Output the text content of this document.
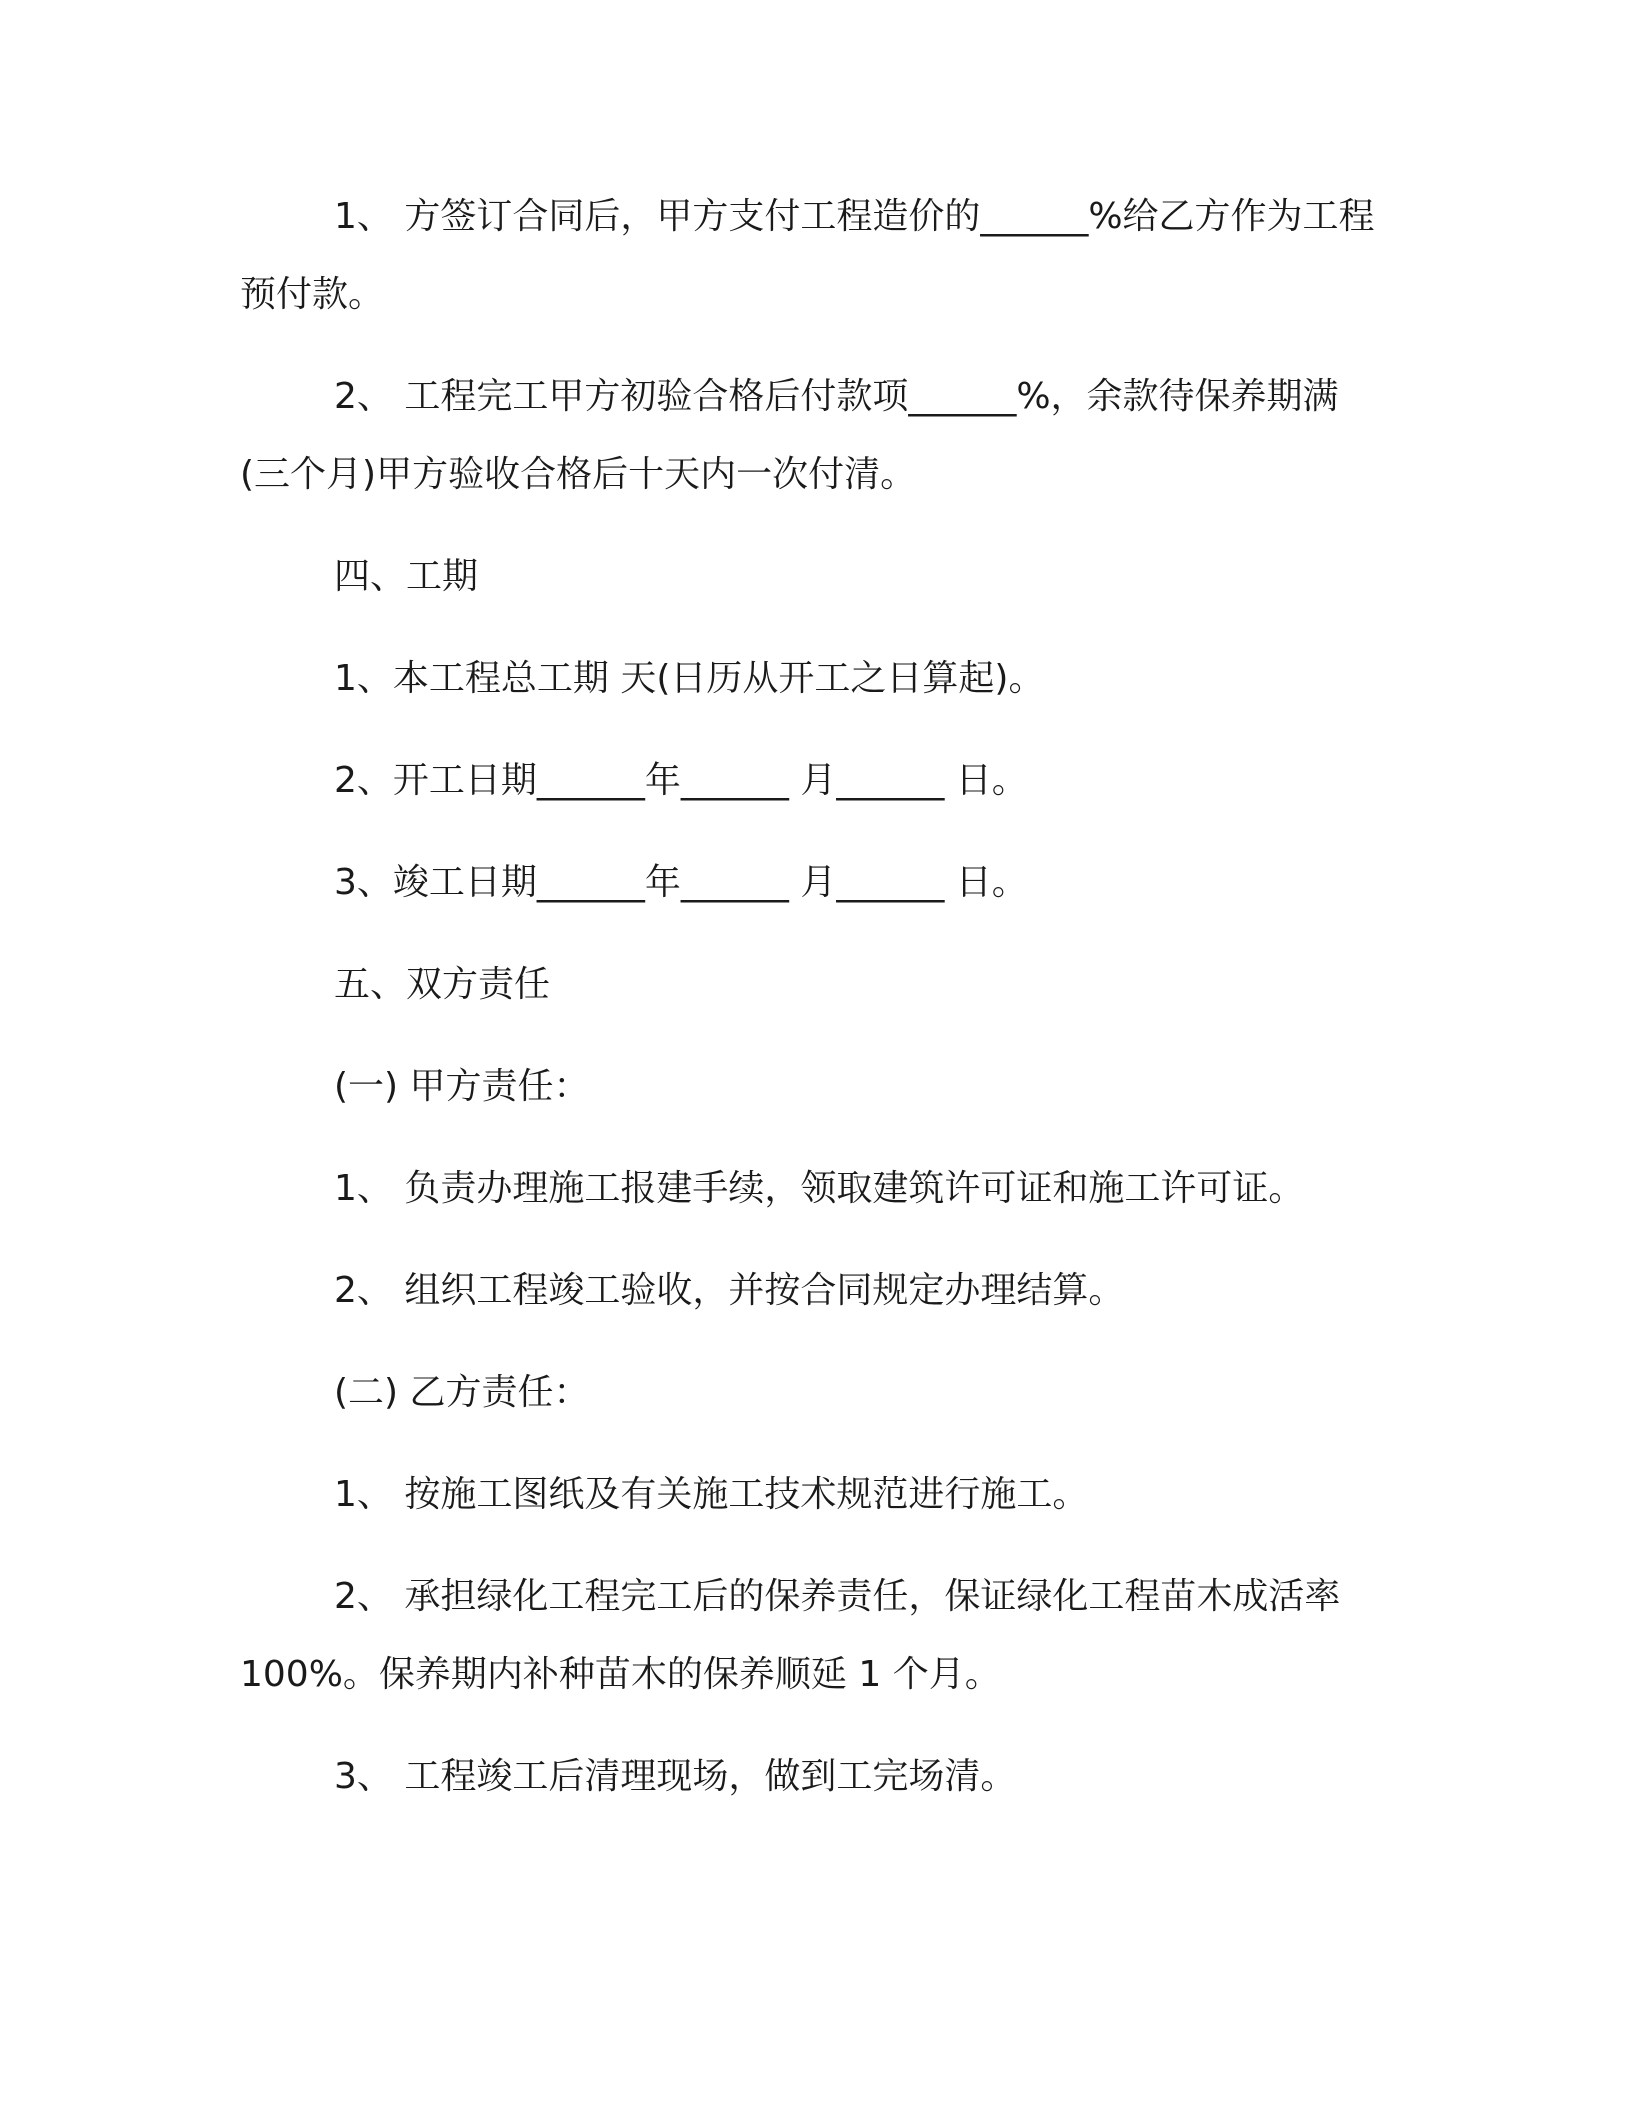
1、 方签订合同后，甲方支付工程造价的______%给乙方作为工程预付款。

2、 工程完工甲方初验合格后付款项______%，余款待保养期满(三个月)甲方验收合格后十天内一次付清。

四、工期

1、本工程总工期 天(日历从开工之日算起)。

2、开工日期______年______ 月______ 日。

3、竣工日期______年______ 月______ 日。

五、双方责任

(一) 甲方责任：

1、 负责办理施工报建手续，领取建筑许可证和施工许可证。

2、 组织工程竣工验收，并按合同规定办理结算。

(二) 乙方责任：

1、 按施工图纸及有关施工技术规范进行施工。

2、 承担绿化工程完工后的保养责任，保证绿化工程苗木成活率100%。保养期内补种苗木的保养顺延 1 个月。

3、 工程竣工后清理现场，做到工完场清。
